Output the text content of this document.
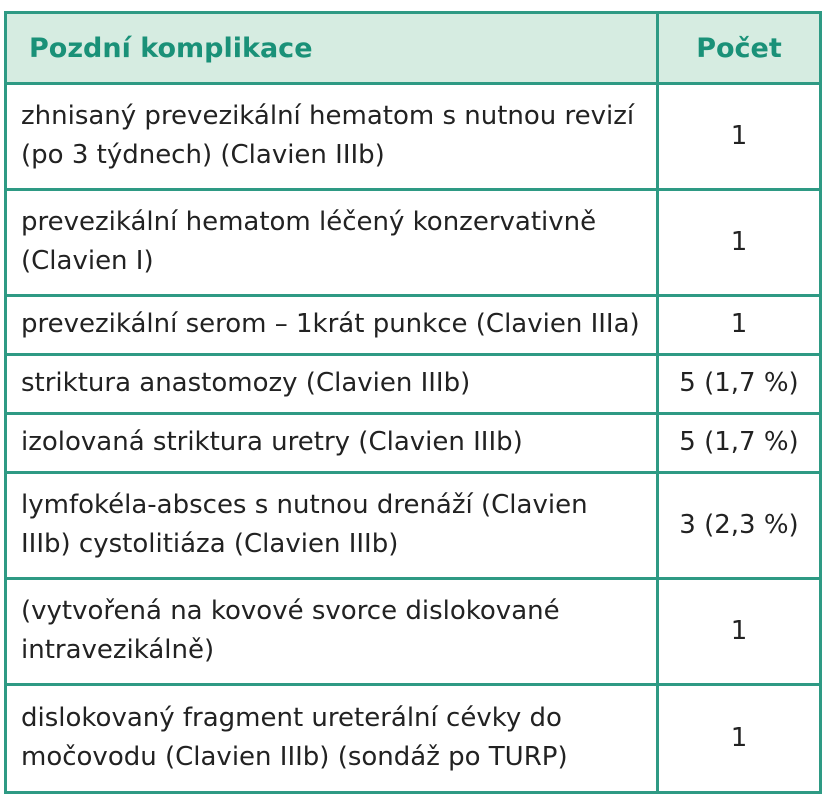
Pozdní komplikace	Počet
zhnisaný prevezikální hematom s nutnou revizí (po 3 týdnech) (Clavien IIIb)	1
prevezikální hematom léčený konzervativně (Clavien I)	1
prevezikální serom – 1krát punkce (Clavien IIIa)	1
striktura anastomozy (Clavien IIIb)	5 (1,7 %)
izolovaná striktura uretry (Clavien IIIb)	5 (1,7 %)
lymfokéla-absces s nutnou drenáží (Clavien IIIb) cystolitiáza (Clavien IIIb)	3 (2,3 %)
(vytvořená na kovové svorce dislokované intravezikálně)	1
dislokovaný fragment ureterální cévky do močovodu (Clavien IIIb) (sondáž po TURP)	1
